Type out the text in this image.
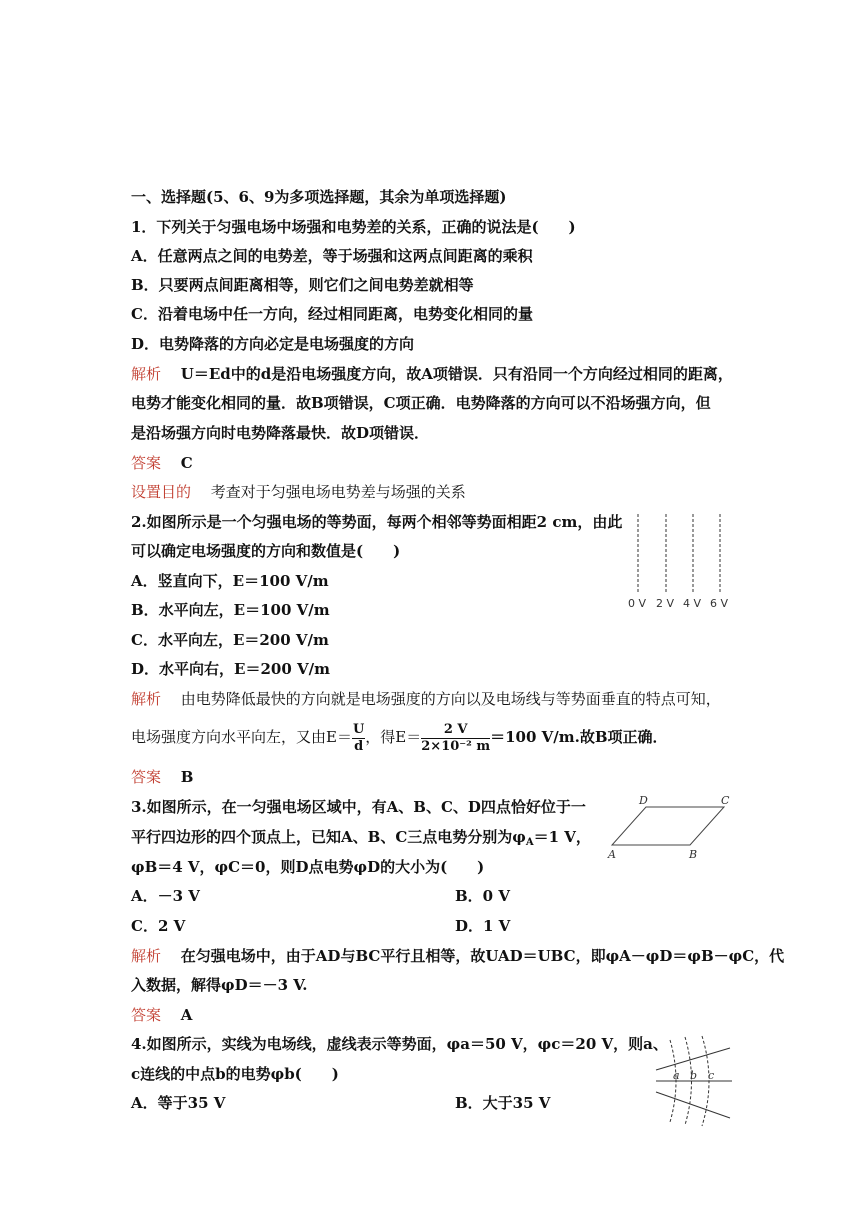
一、选择题(5、6、9为多项选择题，其余为单项选择题)
1．下列关于匀强电场中场强和电势差的关系，正确的说法是(　　)
A．任意两点之间的电势差，等于场强和这两点间距离的乘积
B．只要两点间距离相等，则它们之间电势差就相等
C．沿着电场中任一方向，经过相同距离，电势变化相同的量
D．电势降落的方向必定是电场强度的方向
解析　 U＝Ed中的d是沿电场强度方向，故A项错误．只有沿同一个方向经过相同的距离，
电势才能变化相同的量．故B项错误，C项正确．电势降落的方向可以不沿场强方向，但
是沿场强方向时电势降落最快．故D项错误．
答案　 C
设置目的　 考查对于匀强电场电势差与场强的关系
2.如图所示是一个匀强电场的等势面，每两个相邻等势面相距2 cm，由此
可以确定电场强度的方向和数值是(　　)
A．竖直向下，E＝100 V/m
B．水平向左，E＝100 V/m
C．水平向左，E＝200 V/m
D．水平向右，E＝200 V/m
0 V 2 V 4 V 6 V
解析　 由电势降低最快的方向就是电场强度的方向以及电场线与等势面垂直的特点可知，
电场强度方向水平向左，又由$E= \frac{U}{d}$ ，得$E= \frac{2 V}{\text{2×10⁻² m}} =100$ V/m.故B项正确．
答案　 B
3.如图所示，在一匀强电场区域中，有A、B、C、D四点恰好位于一
平行四边形的四个顶点上，已知A、B、C三点电势分别为$\varphi_A=1$ V，
φB＝4 V，φC＝0，则D点电势φD的大小为(　　)
A．－3 V	B．0 V
C．2 V	D．1 V
D	C
A	B
解析　 在匀强电场中，由于AD与BC平行且相等，故UAD＝UBC，即φA－φD＝φB－φC，代
入数据，解得φD＝－3 V.
答案　 A
4.如图所示，实线为电场线，虚线表示等势面，φa＝50 V，φc＝20 V，则a、
c连线的中点b的电势φb(　　)
A．等于35 V	B．大于35 V
a b c
